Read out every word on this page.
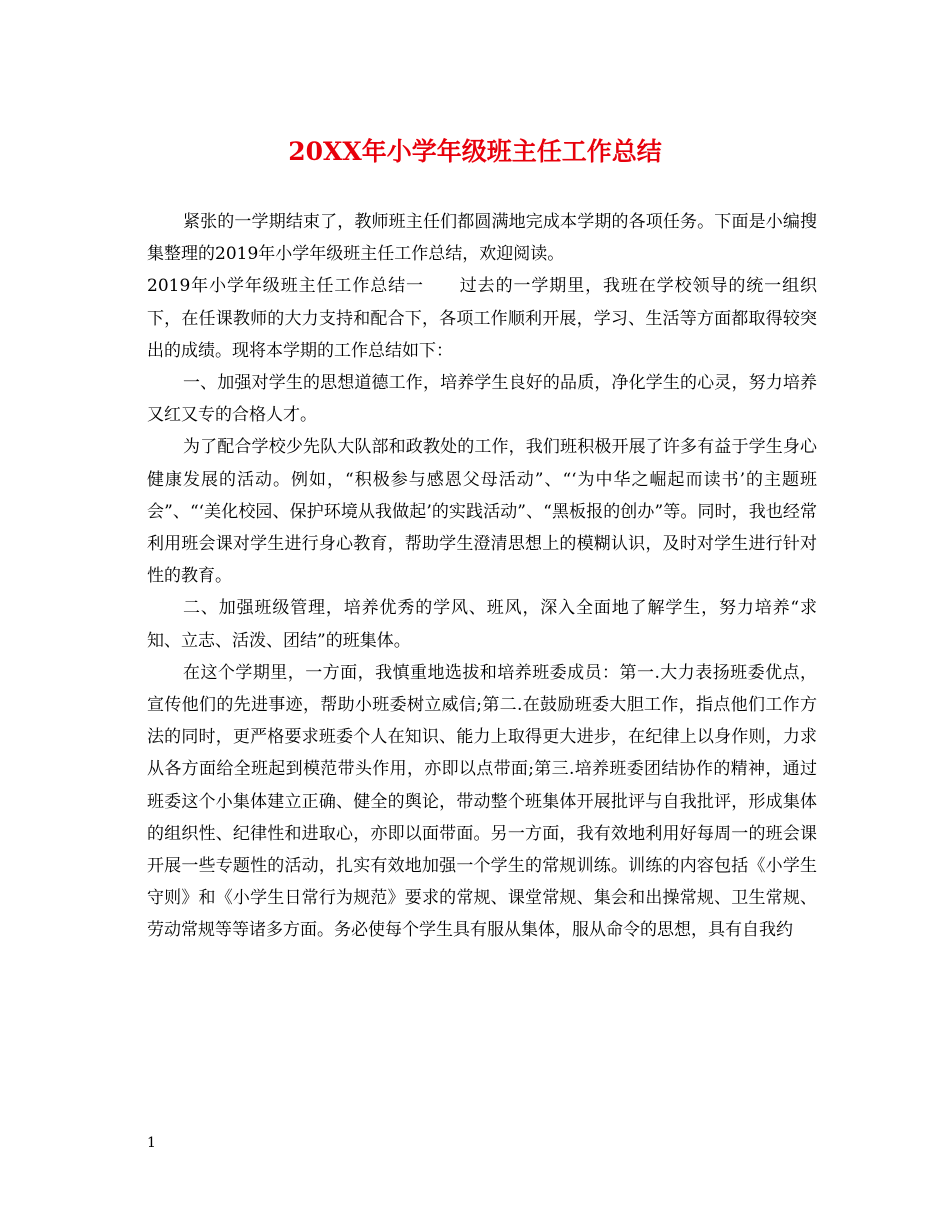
20XX年小学年级班主任工作总结

紧张的一学期结束了，教师班主任们都圆满地完成本学期的各项任务。下面是小编搜集整理的2019年小学年级班主任工作总结，欢迎阅读。

2019年小学年级班主任工作总结一　　过去的一学期里，我班在学校领导的统一组织下，在任课教师的大力支持和配合下，各项工作顺利开展，学习、生活等方面都取得较突出的成绩。现将本学期的工作总结如下：

一、加强对学生的思想道德工作，培养学生良好的品质，净化学生的心灵，努力培养又红又专的合格人才。

为了配合学校少先队大队部和政教处的工作，我们班积极开展了许多有益于学生身心健康发展的活动。例如，“积极参与感恩父母活动”、“‘为中华之崛起而读书’的主题班会”、“‘美化校园、保护环境从我做起’的实践活动”、“黑板报的创办”等。同时，我也经常利用班会课对学生进行身心教育，帮助学生澄清思想上的模糊认识，及时对学生进行针对性的教育。

二、加强班级管理，培养优秀的学风、班风，深入全面地了解学生，努力培养“求知、立志、活泼、团结”的班集体。

在这个学期里，一方面，我慎重地选拔和培养班委成员：第一.大力表扬班委优点，宣传他们的先进事迹，帮助小班委树立威信;第二.在鼓励班委大胆工作，指点他们工作方法的同时，更严格要求班委个人在知识、能力上取得更大进步，在纪律上以身作则，力求从各方面给全班起到模范带头作用，亦即以点带面;第三.培养班委团结协作的精神，通过班委这个小集体建立正确、健全的舆论，带动整个班集体开展批评与自我批评，形成集体的组织性、纪律性和进取心，亦即以面带面。另一方面，我有效地利用好每周一的班会课开展一些专题性的活动，扎实有效地加强一个学生的常规训练。训练的内容包括《小学生守则》和《小学生日常行为规范》要求的常规、课堂常规、集会和出操常规、卫生常规、劳动常规等等诸多方面。务必使每个学生具有服从集体，服从命令的思想，具有自我约

1
